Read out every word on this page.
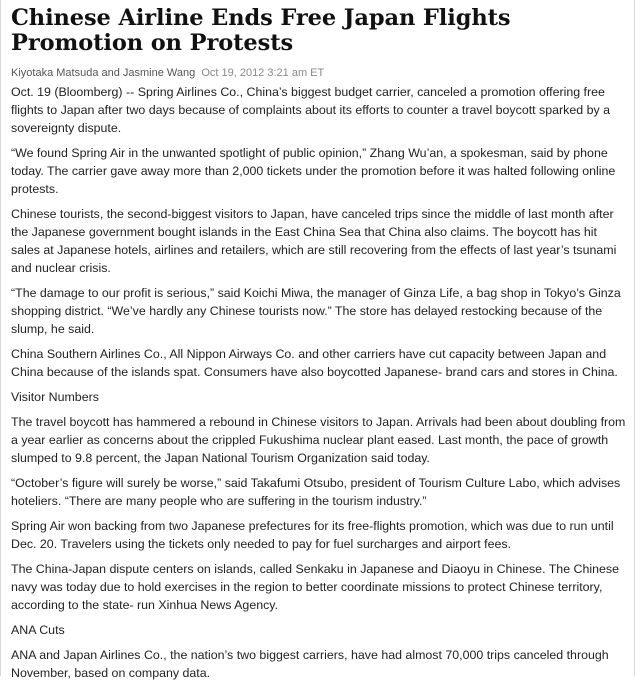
Chinese Airline Ends Free Japan Flights Promotion on Protests
Kiyotaka Matsuda and Jasmine Wang Oct 19, 2012 3:21 am ET

Oct. 19 (Bloomberg) -- Spring Airlines Co., China’s biggest budget carrier, canceled a promotion offering free flights to Japan after two days because of complaints about its efforts to counter a travel boycott sparked by a sovereignty dispute.

“We found Spring Air in the unwanted spotlight of public opinion,” Zhang Wu’an, a spokesman, said by phone today. The carrier gave away more than 2,000 tickets under the promotion before it was halted following online protests.

Chinese tourists, the second-biggest visitors to Japan, have canceled trips since the middle of last month after the Japanese government bought islands in the East China Sea that China also claims. The boycott has hit sales at Japanese hotels, airlines and retailers, which are still recovering from the effects of last year’s tsunami and nuclear crisis.

“The damage to our profit is serious,” said Koichi Miwa, the manager of Ginza Life, a bag shop in Tokyo’s Ginza shopping district. “We’ve hardly any Chinese tourists now.” The store has delayed restocking because of the slump, he said.

China Southern Airlines Co., All Nippon Airways Co. and other carriers have cut capacity between Japan and China because of the islands spat. Consumers have also boycotted Japanese- brand cars and stores in China.

Visitor Numbers

The travel boycott has hammered a rebound in Chinese visitors to Japan. Arrivals had been about doubling from a year earlier as concerns about the crippled Fukushima nuclear plant eased. Last month, the pace of growth slumped to 9.8 percent, the Japan National Tourism Organization said today.

“October’s figure will surely be worse,” said Takafumi Otsubo, president of Tourism Culture Labo, which advises hoteliers. “There are many people who are suffering in the tourism industry.”

Spring Air won backing from two Japanese prefectures for its free-flights promotion, which was due to run until Dec. 20. Travelers using the tickets only needed to pay for fuel surcharges and airport fees.

The China-Japan dispute centers on islands, called Senkaku in Japanese and Diaoyu in Chinese. The Chinese navy was today due to hold exercises in the region to better coordinate missions to protect Chinese territory, according to the state- run Xinhua News Agency.

ANA Cuts

ANA and Japan Airlines Co., the nation’s two biggest carriers, have had almost 70,000 trips canceled through November, based on company data.
